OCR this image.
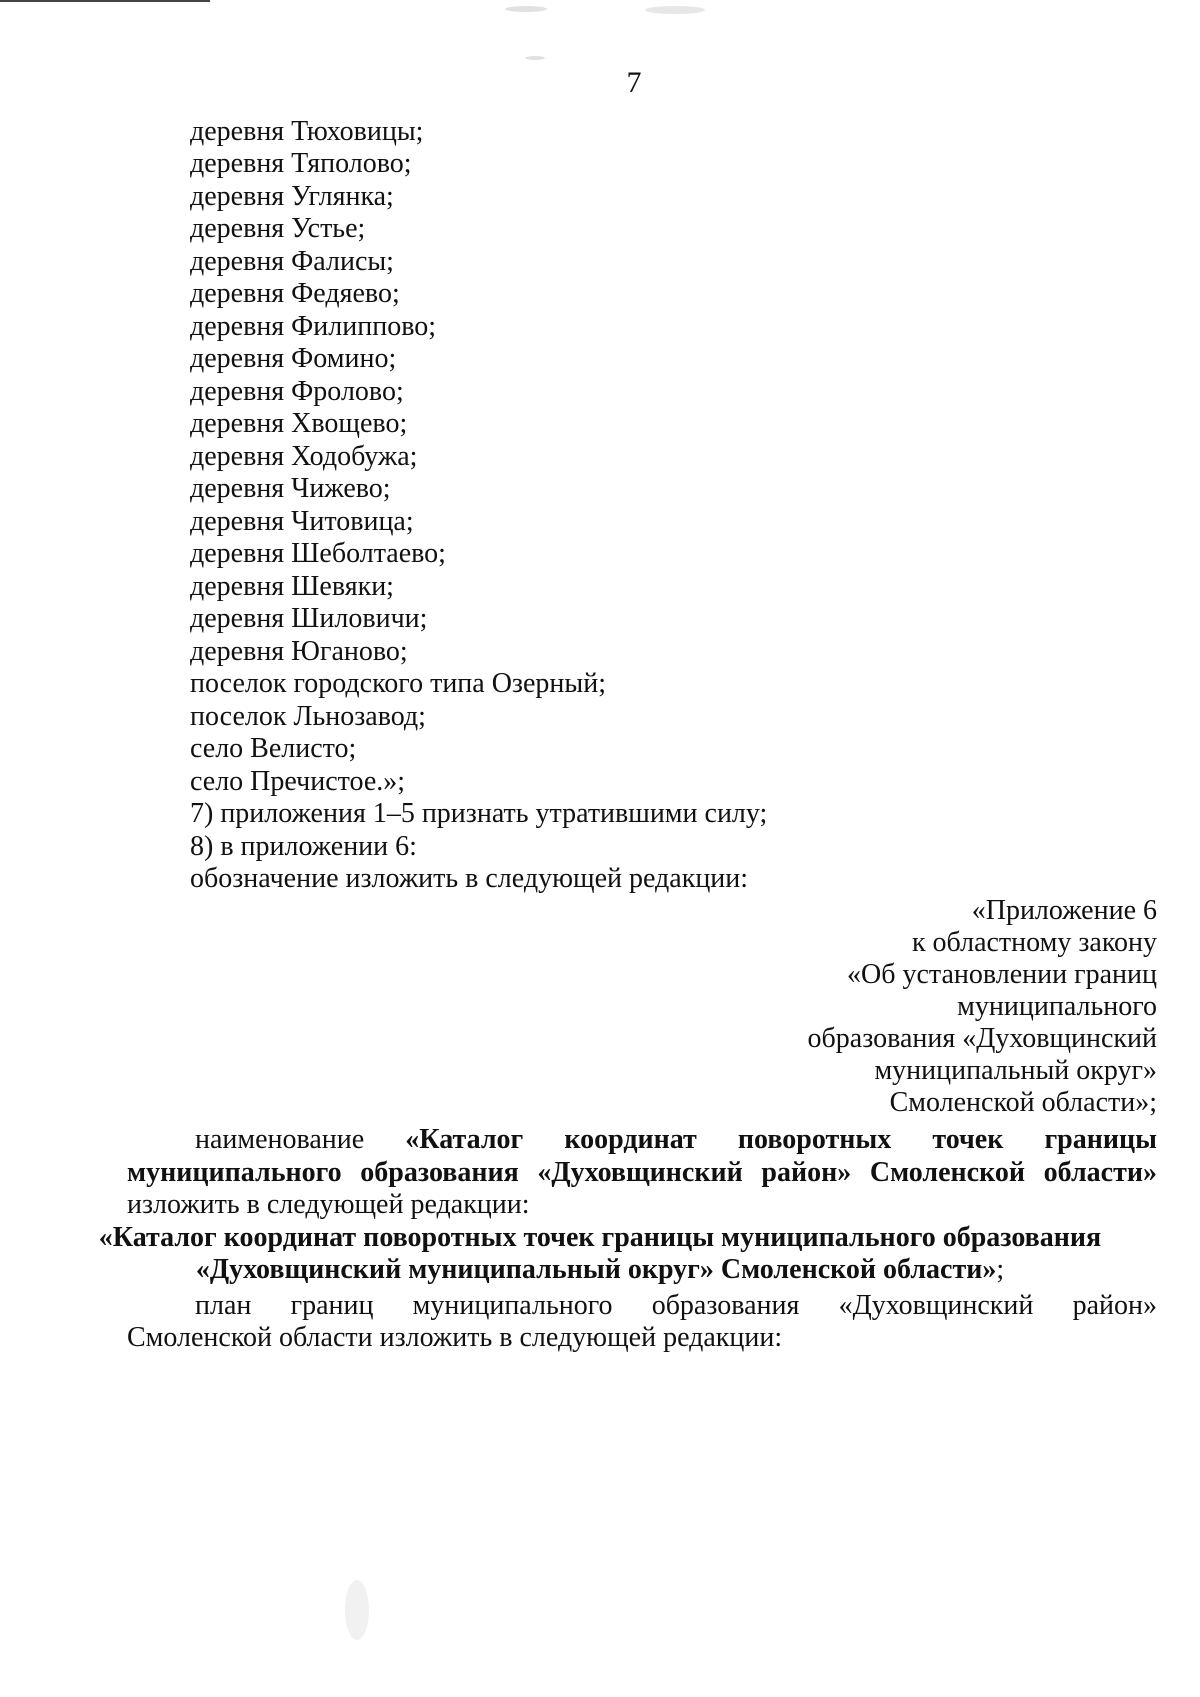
7
деревня Тюховицы;
деревня Тяполово;
деревня Углянка;
деревня Устье;
деревня Фалисы;
деревня Федяево;
деревня Филиппово;
деревня Фомино;
деревня Фролово;
деревня Хвощево;
деревня Ходобужа;
деревня Чижево;
деревня Читовица;
деревня Шеболтаево;
деревня Шевяки;
деревня Шиловичи;
деревня Юганово;
поселок городского типа Озерный;
поселок Льнозавод;
село Велисто;
село Пречистое.»;
7) приложения 1–5 признать утратившими силу;
8) в приложении 6:
обозначение изложить в следующей редакции:
«Приложение 6
к областному закону
«Об установлении границ
муниципального
образования «Духовщинский
муниципальный округ»
Смоленской области»;
наименование «Каталог координат поворотных точек границы
муниципального образования «Духовщинский район» Смоленской области»
изложить в следующей редакции:
«Каталог координат поворотных точек границы муниципального образования
«Духовщинский муниципальный округ» Смоленской области»;
план границ муниципального образования «Духовщинский район»
Смоленской области изложить в следующей редакции:
